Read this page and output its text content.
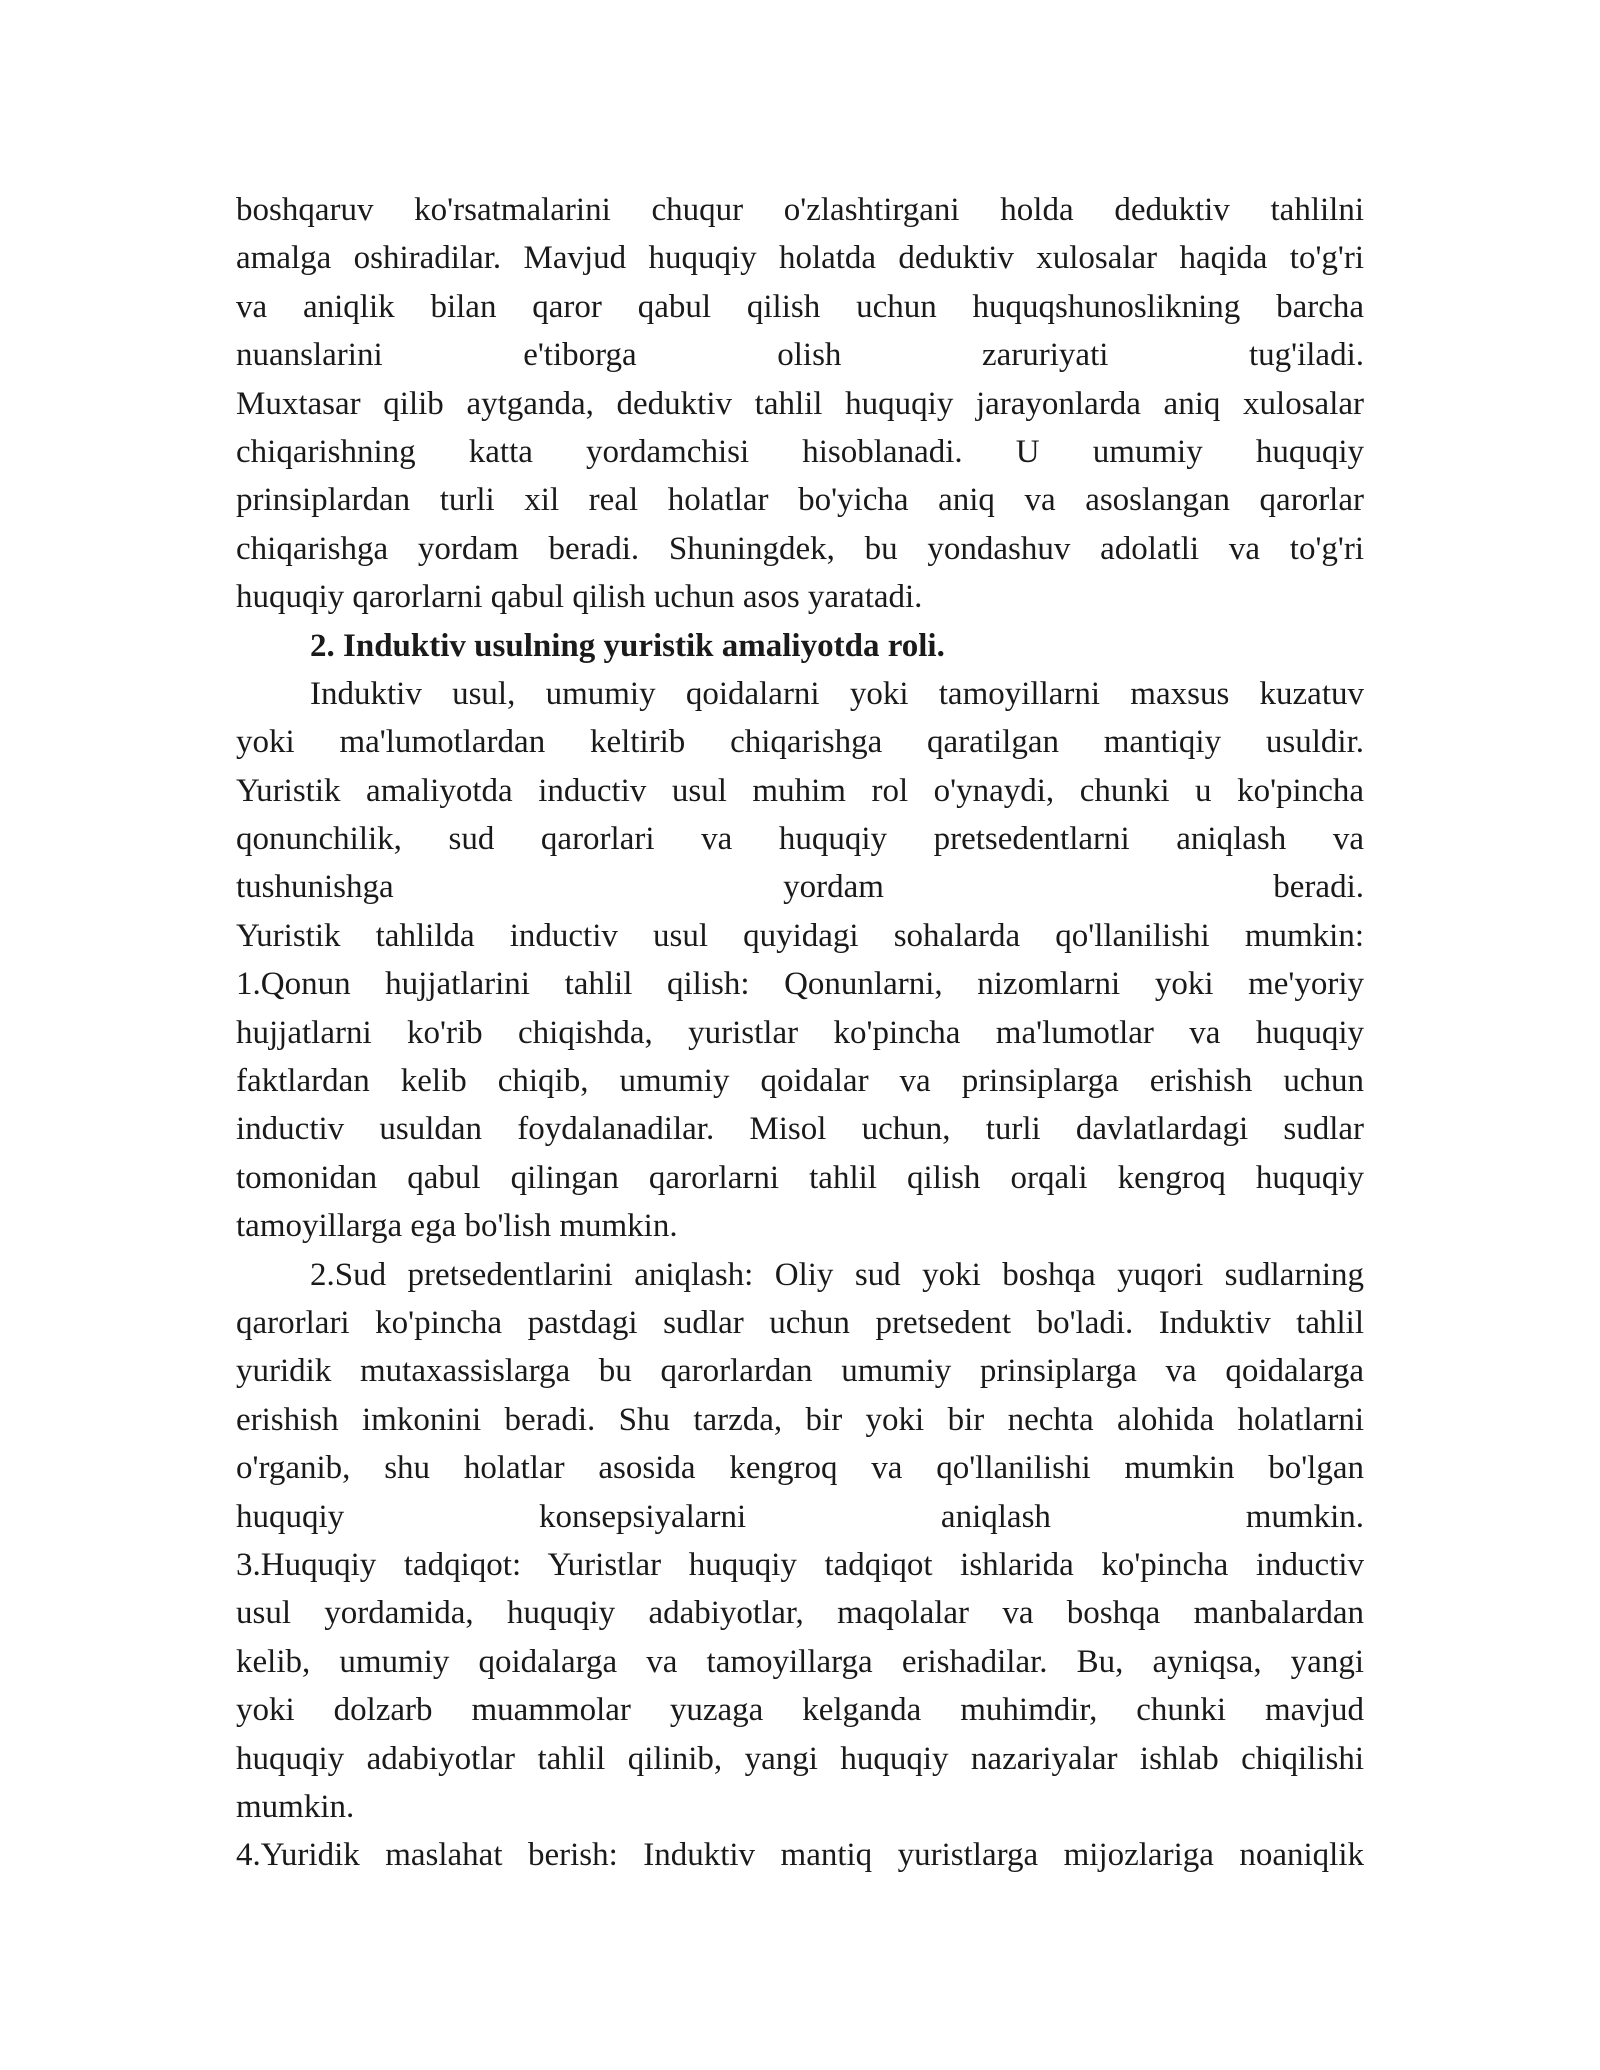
boshqaruv ko'rsatmalarini chuqur o'zlashtirgani holda deduktiv tahlilni
amalga oshiradilar. Mavjud huquqiy holatda deduktiv xulosalar haqida to'g'ri
va aniqlik bilan qaror qabul qilish uchun huquqshunoslikning barcha
nuanslarini e'tiborga olish zaruriyati tug'iladi.
Muxtasar qilib aytganda, deduktiv tahlil huquqiy jarayonlarda aniq xulosalar
chiqarishning katta yordamchisi hisoblanadi. U umumiy huquqiy
prinsiplardan turli xil real holatlar bo'yicha aniq va asoslangan qarorlar
chiqarishga yordam beradi. Shuningdek, bu yondashuv adolatli va to'g'ri
huquqiy qarorlarni qabul qilish uchun asos yaratadi.
2. Induktiv usulning yuristik amaliyotda roli.
Induktiv usul, umumiy qoidalarni yoki tamoyillarni maxsus kuzatuv
yoki ma'lumotlardan keltirib chiqarishga qaratilgan mantiqiy usuldir.
Yuristik amaliyotda inductiv usul muhim rol o'ynaydi, chunki u ko'pincha
qonunchilik, sud qarorlari va huquqiy pretsedentlarni aniqlash va
tushunishga yordam beradi.
Yuristik tahlilda inductiv usul quyidagi sohalarda qo'llanilishi mumkin:
1.Qonun hujjatlarini tahlil qilish: Qonunlarni, nizomlarni yoki me'yoriy
hujjatlarni ko'rib chiqishda, yuristlar ko'pincha ma'lumotlar va huquqiy
faktlardan kelib chiqib, umumiy qoidalar va prinsiplarga erishish uchun
inductiv usuldan foydalanadilar. Misol uchun, turli davlatlardagi sudlar
tomonidan qabul qilingan qarorlarni tahlil qilish orqali kengroq huquqiy
tamoyillarga ega bo'lish mumkin.
2.Sud pretsedentlarini aniqlash: Oliy sud yoki boshqa yuqori sudlarning
qarorlari ko'pincha pastdagi sudlar uchun pretsedent bo'ladi. Induktiv tahlil
yuridik mutaxassislarga bu qarorlardan umumiy prinsiplarga va qoidalarga
erishish imkonini beradi. Shu tarzda, bir yoki bir nechta alohida holatlarni
o'rganib, shu holatlar asosida kengroq va qo'llanilishi mumkin bo'lgan
huquqiy konsepsiyalarni aniqlash mumkin.
3.Huquqiy tadqiqot: Yuristlar huquqiy tadqiqot ishlarida ko'pincha inductiv
usul yordamida, huquqiy adabiyotlar, maqolalar va boshqa manbalardan
kelib, umumiy qoidalarga va tamoyillarga erishadilar. Bu, ayniqsa, yangi
yoki dolzarb muammolar yuzaga kelganda muhimdir, chunki mavjud
huquqiy adabiyotlar tahlil qilinib, yangi huquqiy nazariyalar ishlab chiqilishi
mumkin.
4.Yuridik maslahat berish: Induktiv mantiq yuristlarga mijozlariga noaniqlik
